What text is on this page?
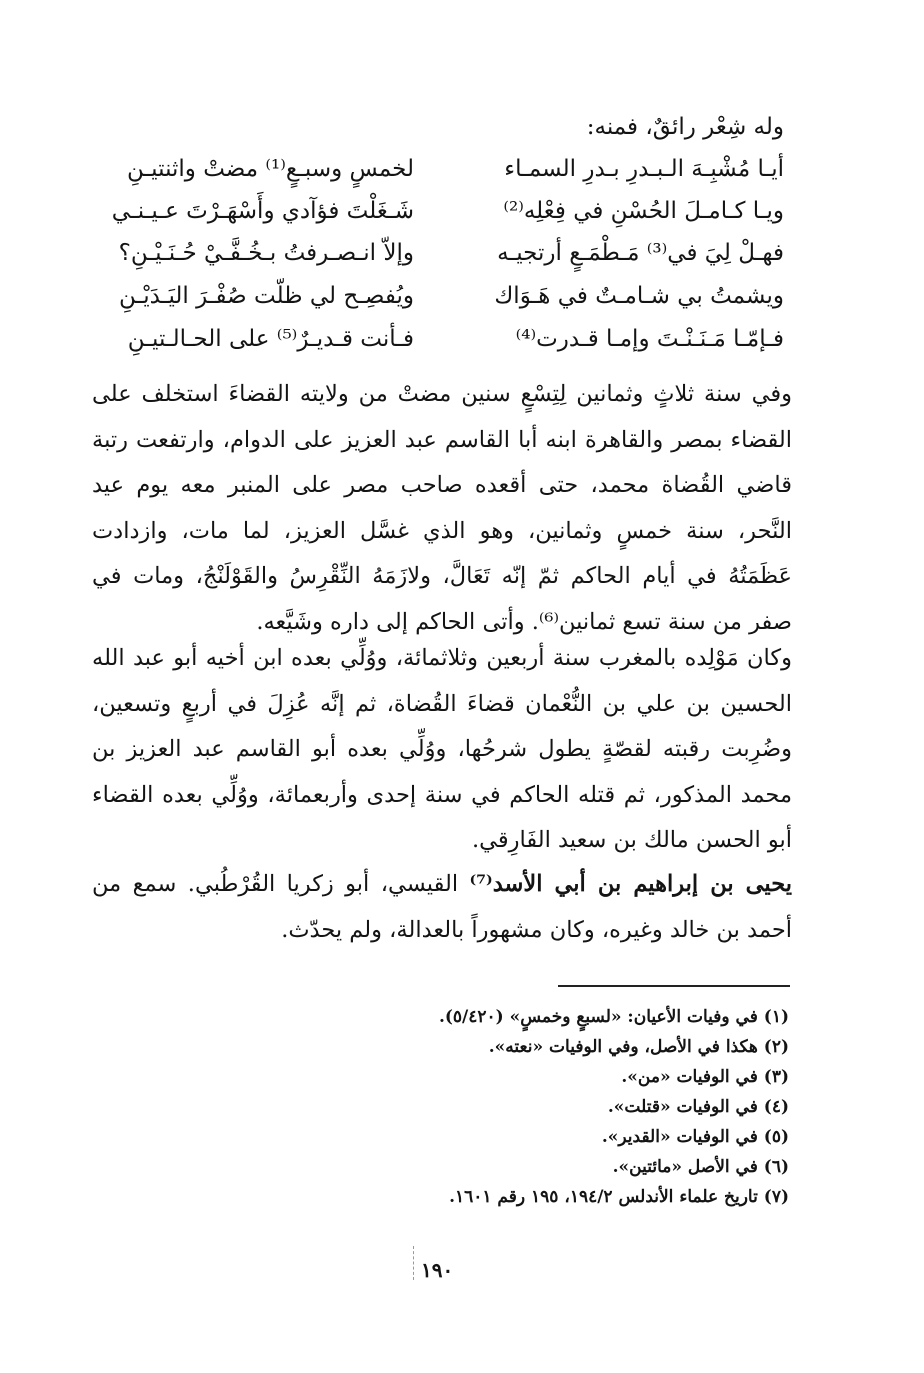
وله شِعْر رائقٌ، فمنه:
أيـا مُشْبِـهَ الـبـدرِ بـدرِ السمـاء
لخمسٍ وسبـعٍ⁽¹⁾ مضتْ واثنتيـنِ
ويـا كـامـلَ الحُسْنِ في فِعْلِه⁽²⁾
شَـغَلْتَ فؤآدي وأَسْهَـرْتَ عـيـنـي
فهـلْ لِيَ في⁽³⁾ مَـطْمَـعٍ أرتجيـه
وإلاّ انـصـرفتُ بـخُـفَّـيْ حُـنَـيْـنِ؟
ويشمتُ بي شـامـتٌ في هَـوَاك
ويُفصِـح لي ظلّت صُفْـرَ اليَـدَيْـنِ
فـإمّـا مَـنَـنْـتَ وإمـا قـدرت⁽⁴⁾
فـأنت قـديـرٌ⁽⁵⁾ على الحـالـتيـنِ

وفي سنة ثلاثٍ وثمانين لِتِسْعٍ سنين مضتْ من ولايته القضاءَ استخلف على القضاء بمصر والقاهرة ابنه أبا القاسم عبد العزيز على الدوام، وارتفعت رتبة قاضي القُضاة محمد، حتى أقعده صاحب مصر على المنبر معه يوم عيد النَّحر، سنة خمسٍ وثمانين، وهو الذي غسَّل العزيز، لما مات، وازدادت عَظَمَتُهُ في أيام الحاكم ثمّ إنّه تَعَالَّ، ولازَمَهُ النِّقْرِسُ والقَوْلَنْجُ، ومات في صفر من سنة تسع ثمانين⁽⁶⁾. وأتى الحاكم إلى داره وشَيَّعه.

وكان مَوْلِده بالمغرب سنة أربعين وثلاثمائة، ووُلِّي بعده ابن أخيه أبو عبد الله الحسين بن علي بن النُّعْمان قضاءَ القُضاة، ثم إنَّه عُزِلَ في أربعٍ وتسعين، وضُرِبت رقبته لقصّةٍ يطول شرحُها، ووُلِّي بعده أبو القاسم عبد العزيز بن محمد المذكور، ثم قتله الحاكم في سنة إحدى وأربعمائة، ووُلِّي بعده القضاء أبو الحسن مالك بن سعيد الفَارِقي.

يحيى بن إبراهيم بن أبي الأسد⁽⁷⁾ القيسي، أبو زكريا القُرْطُبي. سمع من أحمد بن خالد وغيره، وكان مشهوراً بالعدالة، ولم يحدّث.

(١) في وفيات الأعيان: «لسبعٍ وخمسٍ» (٥/٤٢٠).
(٢) هكذا في الأصل، وفي الوفيات «نعته».
(٣) في الوفيات «من».
(٤) في الوفيات «قتلت».
(٥) في الوفيات «القدير».
(٦) في الأصل «مائتين».
(٧) تاريخ علماء الأندلس ١٩٤/٢، ١٩٥ رقم ١٦٠١.
١٩٠
